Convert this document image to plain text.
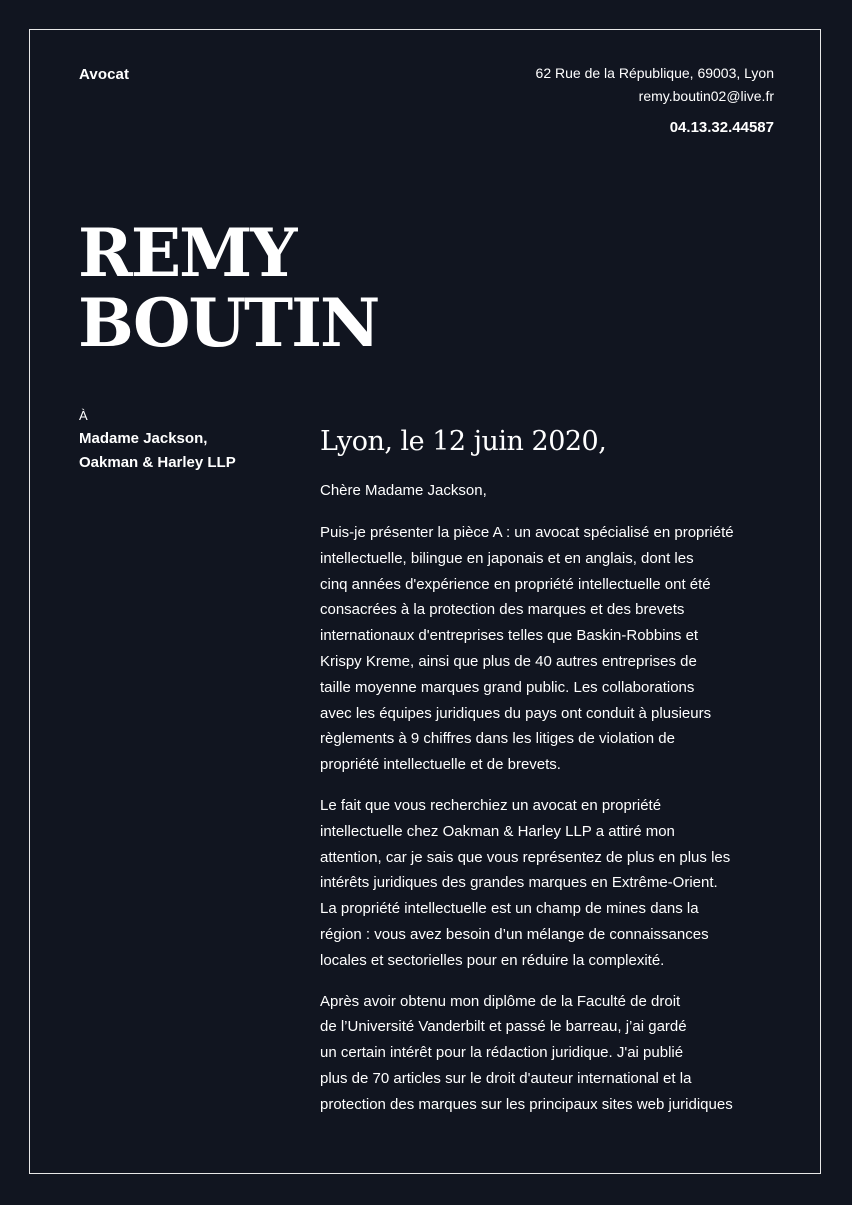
Avocat	62 Rue de la République, 69003, Lyon
remy.boutin02@live.fr
04.13.32.44587
REMY
BOUTIN
À
Madame Jackson,
Oakman & Harley LLP
Lyon, le 12 juin 2020,
Chère Madame Jackson,
Puis-je présenter la pièce A : un avocat spécialisé en propriété
intellectuelle, bilingue en japonais et en anglais, dont les
cinq années d'expérience en propriété intellectuelle ont été
consacrées à la protection des marques et des brevets
internationaux d'entreprises telles que Baskin-Robbins et
Krispy Kreme, ainsi que plus de 40 autres entreprises de
taille moyenne marques grand public. Les collaborations
avec les équipes juridiques du pays ont conduit à plusieurs
règlements à 9 chiffres dans les litiges de violation de
propriété intellectuelle et de brevets.
Le fait que vous recherchiez un avocat en propriété
intellectuelle chez Oakman & Harley LLP a attiré mon
attention, car je sais que vous représentez de plus en plus les
intérêts juridiques des grandes marques en Extrême-Orient.
La propriété intellectuelle est un champ de mines dans la
région : vous avez besoin d’un mélange de connaissances
locales et sectorielles pour en réduire la complexité.
Après avoir obtenu mon diplôme de la Faculté de droit
de l’Université Vanderbilt et passé le barreau, j’ai gardé
un certain intérêt pour la rédaction juridique. J'ai publié
plus de 70 articles sur le droit d'auteur international et la
protection des marques sur les principaux sites web juridiques
